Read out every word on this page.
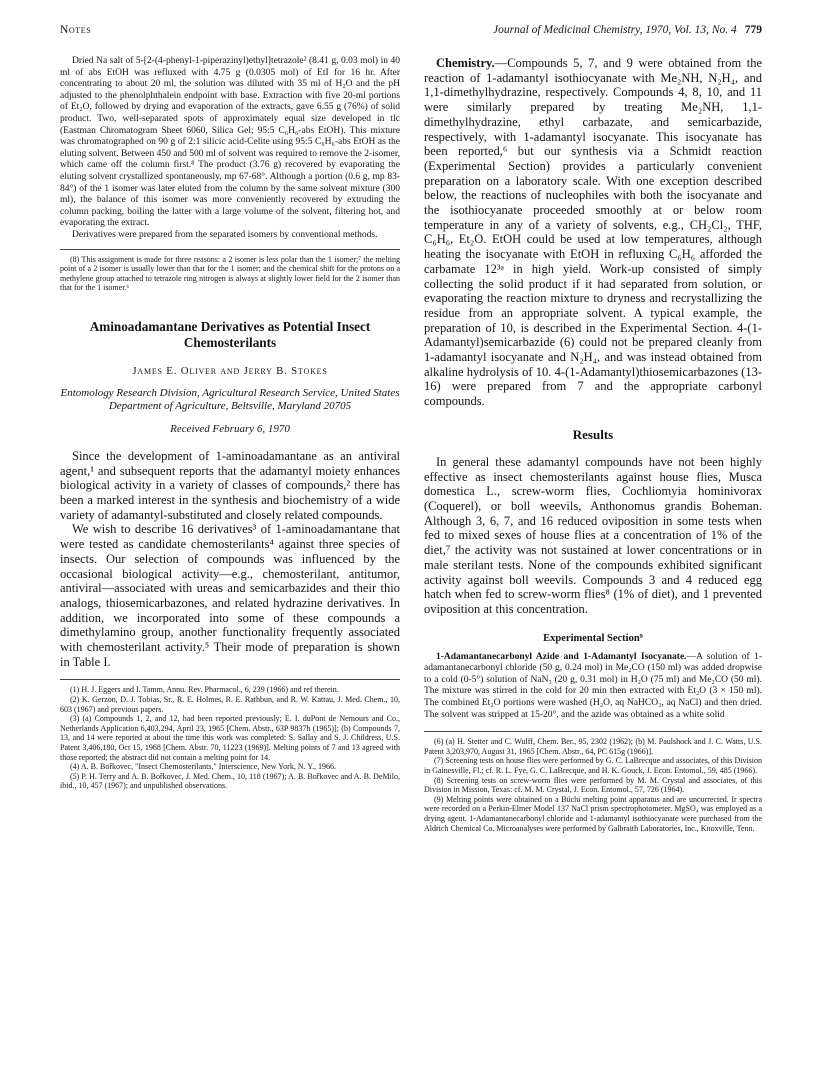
Notes	Journal of Medicinal Chemistry, 1970, Vol. 13, No. 4 779

Dried Na salt of 5-[2-(4-phenyl-1-piperazinyl)ethyl]tetrazole² (8.41 g, 0.03 mol) in 40 ml of abs EtOH was refluxed with 4.75 g (0.0305 mol) of EtI for 16 hr. After concentrating to about 20 ml, the solution was diluted with 35 ml of H₂O and the pH adjusted to the phenolphthalein endpoint with base. Extraction with five 20-ml portions of Et₂O, followed by drying and evaporation of the extracts, gave 6.55 g (76%) of solid product. Two, well-separated spots of approximately equal size developed in tlc (Eastman Chromatogram Sheet 6060, Silica Gel; 95:5 C₆H₆-abs EtOH). This mixture was chromatographed on 90 g of 2:1 silicic acid-Celite using 95:5 C₆H₆-abs EtOH as the eluting solvent. Between 450 and 500 ml of solvent was required to remove the 2-isomer, which came off the column first.⁸ The product (3.76 g) recovered by evaporating the eluting solvent crystallized spontaneously, mp 67-68°. Although a portion (0.6 g, mp 83-84°) of the 1 isomer was later eluted from the column by the same solvent mixture (300 ml), the balance of this isomer was more conveniently recovered by extruding the column packing, boiling the latter with a large volume of the solvent, filtering hot, and evaporating the extract.

Derivatives were prepared from the separated isomers by conventional methods.

(8) This assignment is made for three reasons: a 2 isomer is less polar than the 1 isomer;⁷ the melting point of a 2 isomer is usually lower than that for the 1 isomer; and the chemical shift for the protons on a methylene group attached to tetrazole ring nitrogen is always at slightly lower field for the 2 isomer than that for the 1 isomer.⁶

Aminoadamantane Derivatives as Potential Insect Chemosterilants
James E. Oliver and Jerry B. Stokes
Entomology Research Division, Agricultural Research Service, United States Department of Agriculture, Beltsville, Maryland 20705
Received February 6, 1970

Since the development of 1-aminoadamantane as an antiviral agent,¹ and subsequent reports that the adamantyl moiety enhances biological activity in a variety of classes of compounds,² there has been a marked interest in the synthesis and biochemistry of a wide variety of adamantyl-substituted and closely related compounds.

We wish to describe 16 derivatives³ of 1-aminoadamantane that were tested as candidate chemosterilants⁴ against three species of insects. Our selection of compounds was influenced by the occasional biological activity—e.g., chemosterilant, antitumor, antiviral—associated with ureas and semicarbazides and their thio analogs, thiosemicarbazones, and related hydrazine derivatives. In addition, we incorporated into some of these compounds a dimethylamino group, another functionality frequently associated with chemosterilant activity.⁵ Their mode of preparation is shown in Table I.

(1) H. J. Eggers and I. Tamm, Annu. Rev. Pharmacol., 6, 239 (1966) and ref therein.

(2) K. Gerzon, D. J. Tobias, Sr., R. E. Holmes, R. E. Rathbun, and R. W. Kattau, J. Med. Chem., 10, 603 (1967) and previous papers.

(3) (a) Compounds 1, 2, and 12, had been reported previously; E. I. duPont de Nemours and Co., Netherlands Application 6,403,294, April 23, 1965 [Chem. Abstr., 63P 9837h (1965)]; (b) Compounds 7, 13, and 14 were reported at about the time this work was completed: S. Sallay and S. J. Childress, U.S. Patent 3,406,180, Oct 15, 1968 [Chem. Abstr. 70, 11223 (1969)]. Melting points of 7 and 13 agreed with those reported; the abstract did not contain a melting point for 14.

(4) A. B. Bořkovec, "Insect Chemosterilants," Interscience, New York, N. Y., 1966.

(5) P. H. Terry and A. B. Bořkovec, J. Med. Chem., 10, 118 (1967); A. B. Bořkovec and A. B. DeMilo, ibid., 10, 457 (1967); and unpublished observations.

Chemistry.—Compounds 5, 7, and 9 were obtained from the reaction of 1-adamantyl isothiocyanate with Me₂NH, N₂H₄, and 1,1-dimethylhydrazine, respectively. Compounds 4, 8, 10, and 11 were similarly prepared by treating Me₂NH, 1,1-dimethylhydrazine, ethyl carbazate, and semicarbazide, respectively, with 1-adamantyl isocyanate. This isocyanate has been reported,⁶ but our synthesis via a Schmidt reaction (Experimental Section) provides a particularly convenient preparation on a laboratory scale. With one exception described below, the reactions of nucleophiles with both the isocyanate and the isothiocyanate proceeded smoothly at or below room temperature in any of a variety of solvents, e.g., CH₂Cl₂, THF, C₆H₆, Et₂O. EtOH could be used at low temperatures, although heating the isocyanate with EtOH in refluxing C₆H₆ afforded the carbamate 12³ᵃ in high yield. Work-up consisted of simply collecting the solid product if it had separated from solution, or evaporating the reaction mixture to dryness and recrystallizing the residue from an appropriate solvent. A typical example, the preparation of 10, is described in the Experimental Section. 4-(1-Adamantyl)semicarbazide (6) could not be prepared cleanly from 1-adamantyl isocyanate and N₂H₄, and was instead obtained from alkaline hydrolysis of 10. 4-(1-Adamantyl)thiosemicarbazones (13-16) were prepared from 7 and the appropriate carbonyl compounds.

Results

In general these adamantyl compounds have not been highly effective as insect chemosterilants against house flies, Musca domestica L., screw-worm flies, Cochliomyia hominivorax (Coquerel), or boll weevils, Anthonomus grandis Boheman. Although 3, 6, 7, and 16 reduced oviposition in some tests when fed to mixed sexes of house flies at a concentration of 1% of the diet,⁷ the activity was not sustained at lower concentrations or in male sterilant tests. None of the compounds exhibited significant activity against boll weevils. Compounds 3 and 4 reduced egg hatch when fed to screw-worm flies⁸ (1% of diet), and 1 prevented oviposition at this concentration.

Experimental Section⁹

1-Adamantanecarbonyl Azide and 1-Adamantyl Isocyanate.—A solution of 1-adamantanecarbonyl chloride (50 g, 0.24 mol) in Me₂CO (150 ml) was added dropwise to a cold (0-5°) solution of NaN₃ (20 g, 0.31 mol) in H₂O (75 ml) and Me₂CO (50 ml). The mixture was stirred in the cold for 20 min then extracted with Et₂O (3 × 150 ml). The combined Et₂O portions were washed (H₂O, aq NaHCO₃, aq NaCl) and then dried. The solvent was stripped at 15-20°, and the azide was obtained as a white solid

(6) (a) H. Stetter and C. Wulff, Chem. Ber., 95, 2302 (1962); (b) M. Paulshock and J. C. Watts, U.S. Patent 3,203,970, August 31, 1965 [Chem. Abstr., 64, PC 615g (1966)].

(7) Screening tests on house flies were performed by G. C. LaBrecque and associates, of this Division in Gainesville, Fl.; cf. R. L. Fye, G. C. LaBrecque, and H. K. Gouck, J. Econ. Entomol., 59, 485 (1966).

(8) Screening tests on screw-worm flies were performed by M. M. Crystal and associates, of this Division in Mission, Texas: cf. M. M. Crystal, J. Econ. Entomol., 57, 726 (1964).

(9) Melting points were obtained on a Büchi melting point apparatus and are uncorrected. Ir spectra were recorded on a Perkin-Elmer Model 137 NaCl prism spectrophotometer. MgSO₄ was employed as a drying agent. 1-Adamantanecarbonyl chloride and 1-adamantyl isothiocyanate were purchased from the Aldrich Chemical Co. Microanalyses were performed by Galbraith Laboratories, Inc., Knoxville, Tenn.
